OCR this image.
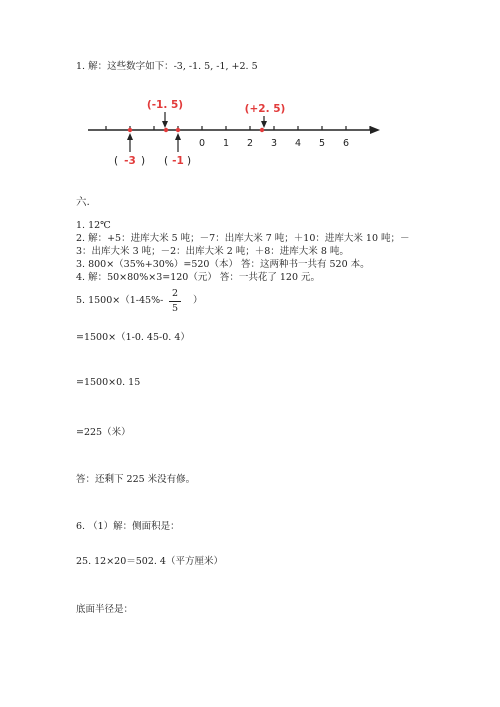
1. 解：这些数字如下：-3, -1. 5, -1, +2. 5
0 1 2 3 4 5 6
(-1. 5)	(+2. 5)
( -3 ) ( -1 )
六.
1. 12℃
2. 解：+5：进库大米 5 吨；－7：出库大米 7 吨；＋10：进库大米 10 吨；－
3：出库大米 3 吨；－2：出库大米 2 吨；＋8：进库大米 8 吨。
3. 800×（35%+30%）=520（本） 答：这两种书一共有 520 本。
4. 解：50×80%×3=120（元） 答：一共花了 120 元。
5. 1500×（1-45%-
2
5
）
=1500×（1-0. 45-0. 4）
=1500×0. 15
=225（米）
答：还剩下 225 米没有修。
6. （1）解：侧面积是：
25. 12×20＝502. 4（平方厘米）
底面半径是：
